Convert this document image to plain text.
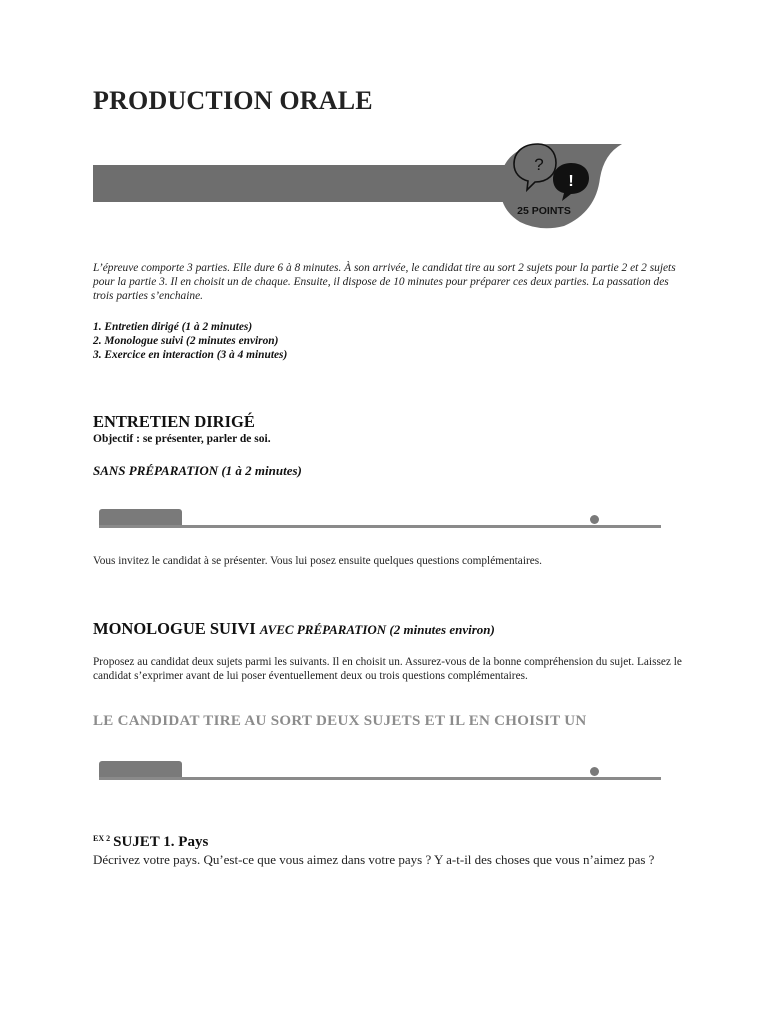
PRODUCTION ORALE
?
!
25 POINTS
L’épreuve comporte 3 parties. Elle dure 6 à 8 minutes. À son arrivée, le candidat tire au sort 2 sujets pour la partie 2 et 2 sujets pour la partie 3. Il en choisit un de chaque. Ensuite, il dispose de 10 minutes pour préparer ces deux parties. La passation des trois parties s’enchaine.
1. Entretien dirigé (1 à 2 minutes)
2. Monologue suivi (2 minutes environ)
3. Exercice en interaction (3 à 4 minutes)
ENTRETIEN DIRIGÉ
Objectif : se présenter, parler de soi.
SANS PRÉPARATION (1 à 2 minutes)
Vous invitez le candidat à se présenter. Vous lui posez ensuite quelques questions complémentaires.
MONOLOGUE SUIVI AVEC PRÉPARATION (2 minutes environ)
Proposez au candidat deux sujets parmi les suivants. Il en choisit un. Assurez-vous de la bonne compréhension du sujet. Laissez le candidat s’exprimer avant de lui poser éventuellement deux ou trois questions complémentaires.
LE CANDIDAT TIRE AU SORT DEUX SUJETS ET IL EN CHOISIT UN
$^{EX 2}$ SUJET 1. Pays
Décrivez votre pays. Qu’est-ce que vous aimez dans votre pays ? Y a-t-il des choses que vous n’aimez pas ?
